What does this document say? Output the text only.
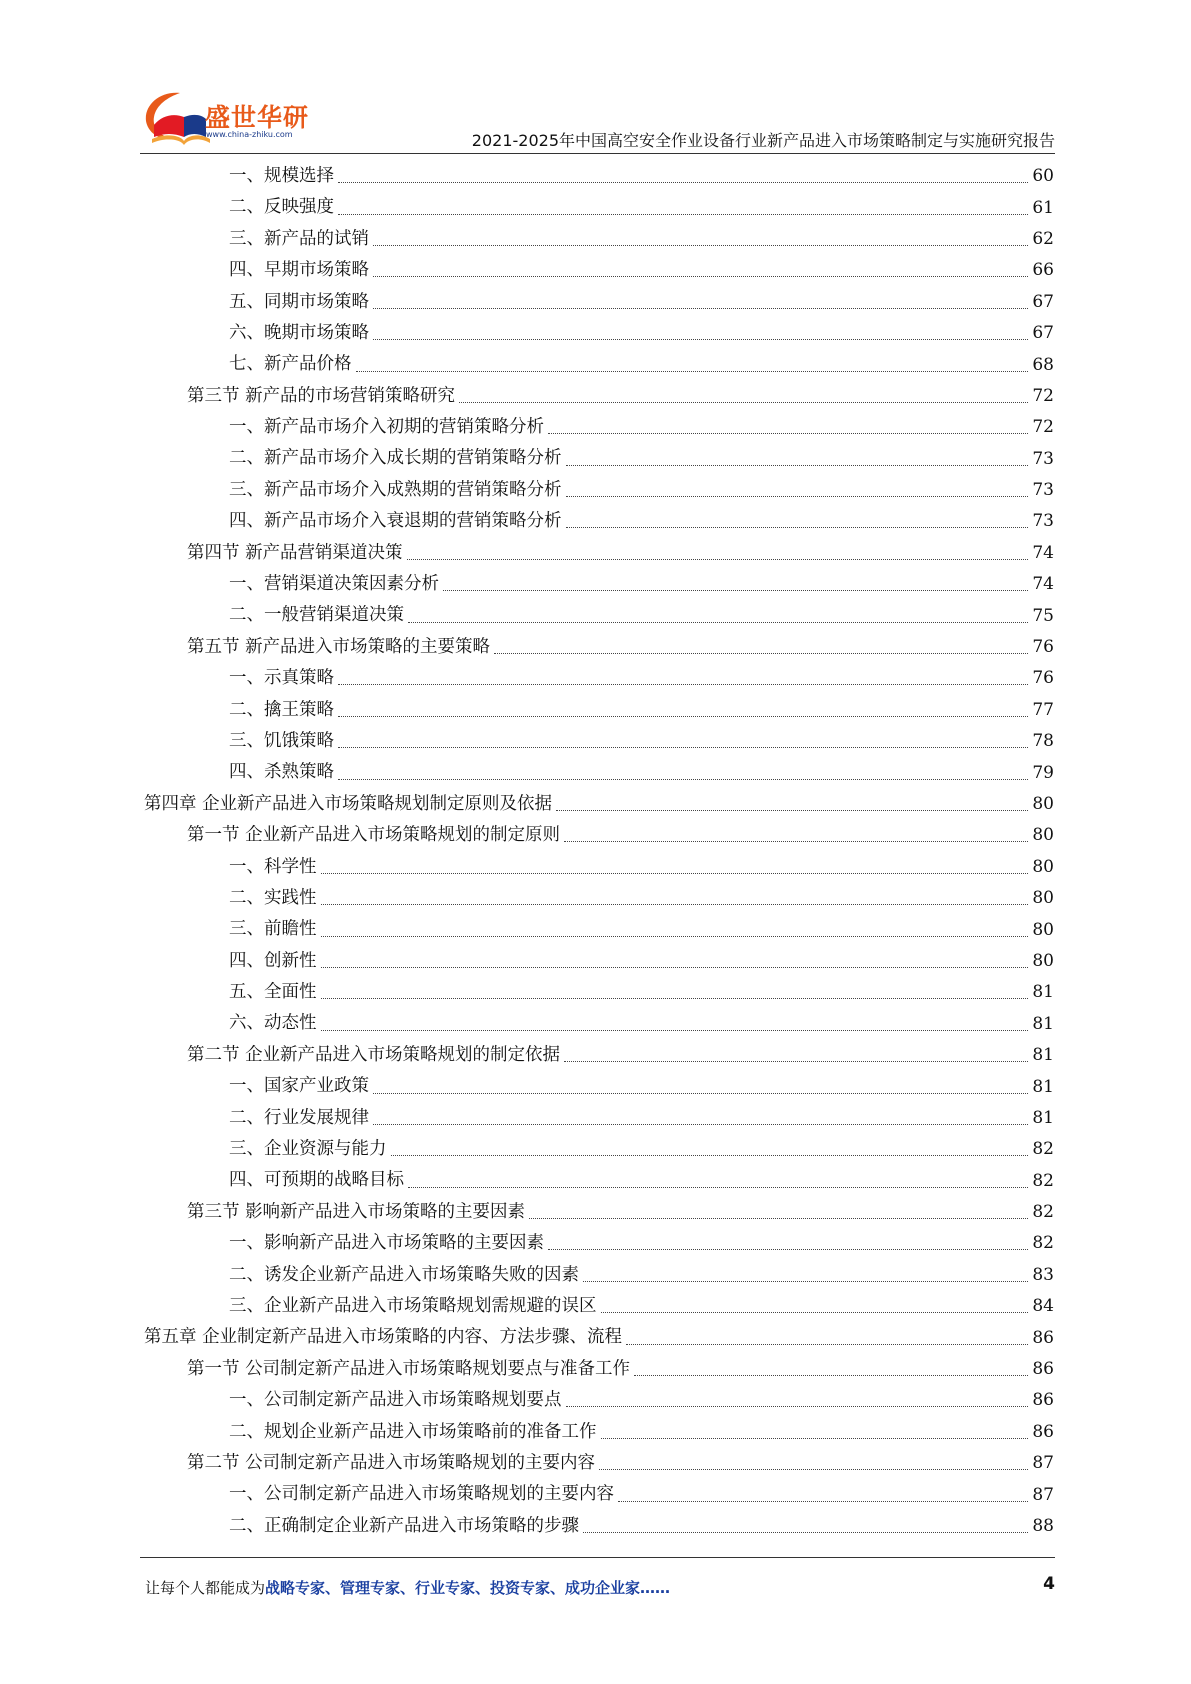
盛世华研
www.china-zhiku.com	2021-2025年中国高空安全作业设备行业新产品进入市场策略制定与实施研究报告
一、规模选择	60
二、反映强度	61
三、新产品的试销	62
四、早期市场策略	66
五、同期市场策略	67
六、晚期市场策略	67
七、新产品价格	68
第三节 新产品的市场营销策略研究	72
一、新产品市场介入初期的营销策略分析	72
二、新产品市场介入成长期的营销策略分析	73
三、新产品市场介入成熟期的营销策略分析	73
四、新产品市场介入衰退期的营销策略分析	73
第四节 新产品营销渠道决策	74
一、营销渠道决策因素分析	74
二、一般营销渠道决策	75
第五节 新产品进入市场策略的主要策略	76
一、示真策略	76
二、擒王策略	77
三、饥饿策略	78
四、杀熟策略	79
第四章 企业新产品进入市场策略规划制定原则及依据	80
第一节 企业新产品进入市场策略规划的制定原则	80
一、科学性	80
二、实践性	80
三、前瞻性	80
四、创新性	80
五、全面性	81
六、动态性	81
第二节 企业新产品进入市场策略规划的制定依据	81
一、国家产业政策	81
二、行业发展规律	81
三、企业资源与能力	82
四、可预期的战略目标	82
第三节 影响新产品进入市场策略的主要因素	82
一、影响新产品进入市场策略的主要因素	82
二、诱发企业新产品进入市场策略失败的因素	83
三、企业新产品进入市场策略规划需规避的误区	84
第五章 企业制定新产品进入市场策略的内容、方法步骤、流程	86
第一节 公司制定新产品进入市场策略规划要点与准备工作	86
一、公司制定新产品进入市场策略规划要点	86
二、规划企业新产品进入市场策略前的准备工作	86
第二节 公司制定新产品进入市场策略规划的主要内容	87
一、公司制定新产品进入市场策略规划的主要内容	87
二、正确制定企业新产品进入市场策略的步骤	88
让每个人都能成为战略专家、管理专家、行业专家、投资专家、成功企业家……	4
